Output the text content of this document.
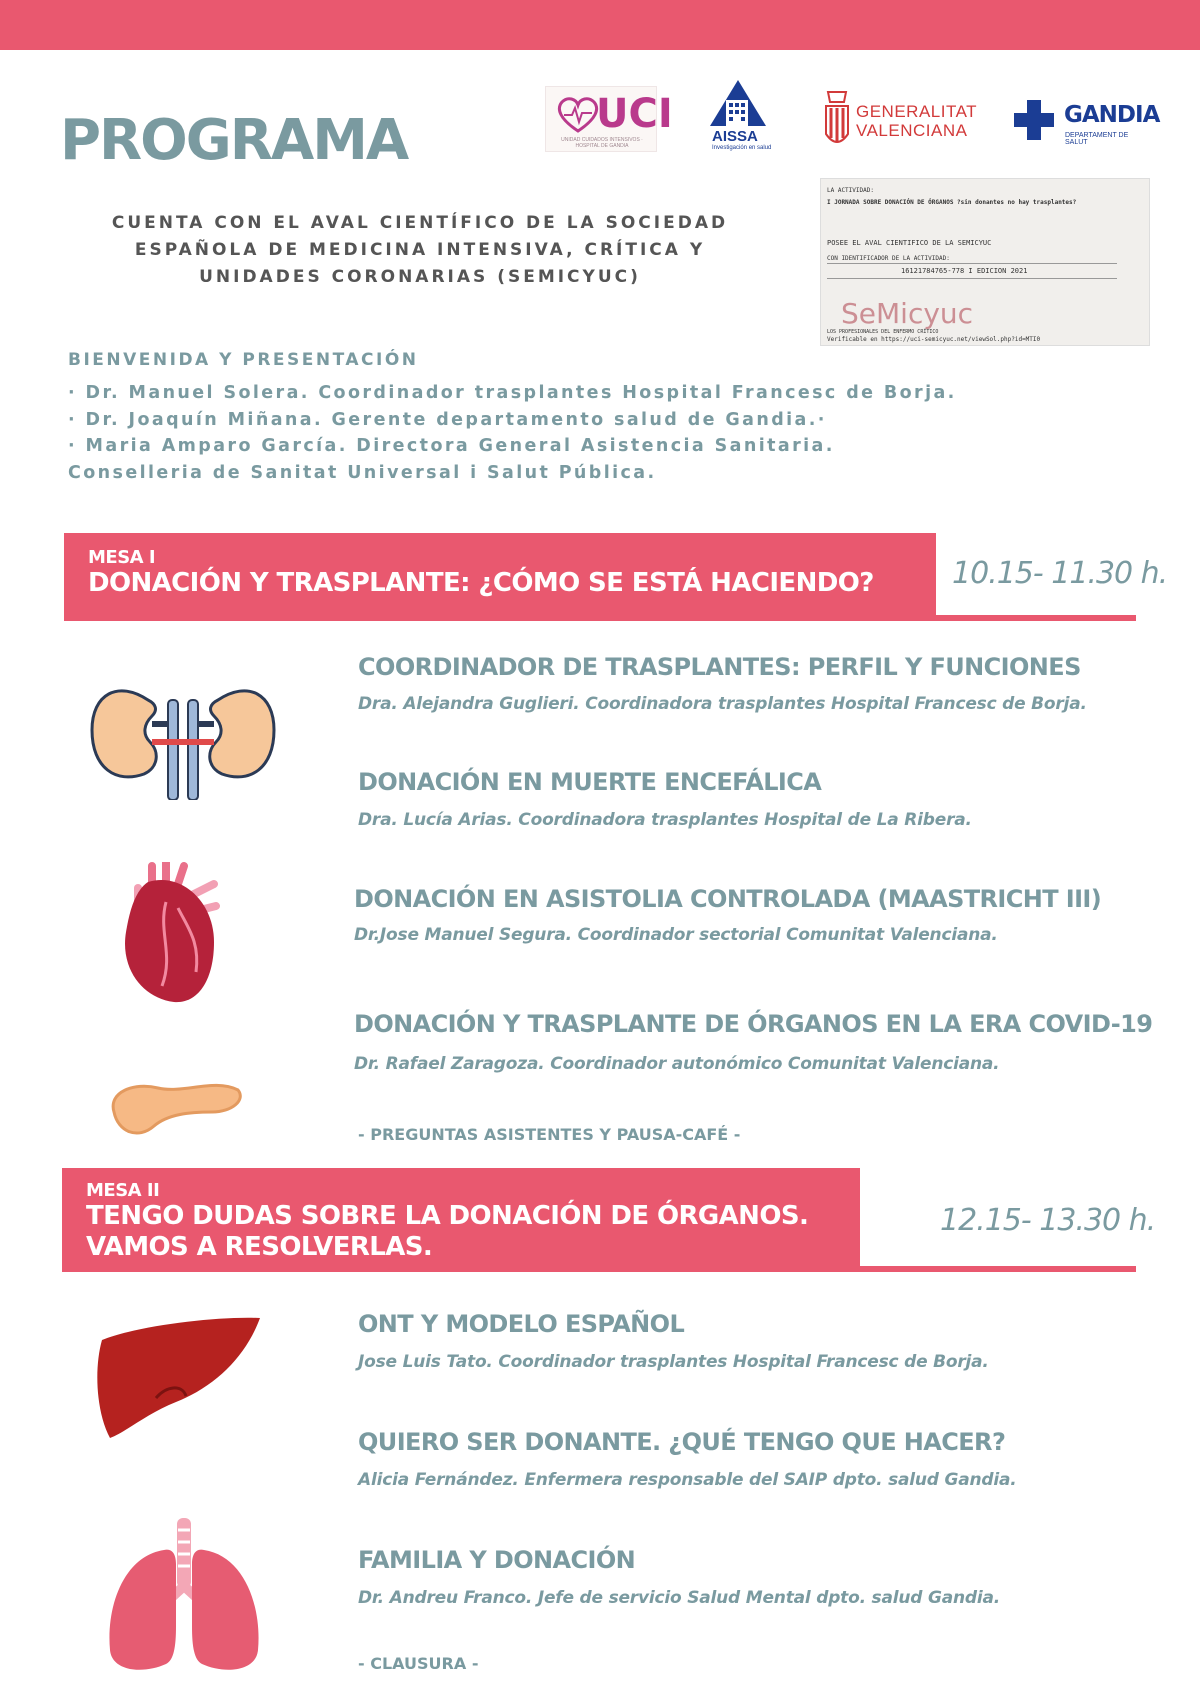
PROGRAMA
CUENTA CON EL AVAL CIENTÍFICO DE LA SOCIEDAD
ESPAÑOLA DE MEDICINA INTENSIVA, CRÍTICA Y
UNIDADES CORONARIAS (SEMICYUC)
UCI
UNIDAD CUIDADOS INTENSIVOS · HOSPITAL DE GANDIA
AISSA
Investigación en salud
GENERALITAT
VALENCIANA
GANDIA
DEPARTAMENT DE SALUT
LA ACTIVIDAD:
I JORNADA SOBRE DONACIÓN DE ÓRGANOS ?sin donantes no hay trasplantes?
POSEE EL AVAL CIENTIFICO DE LA SEMICYUC
CON IDENTIFICADOR DE LA ACTIVIDAD:
16121784765-778 I EDICION 2021
SeMicyuc
LOS PROFESIONALES DEL ENFERMO CRÍTICO
Verificable en https://uci-semicyuc.net/viewSol.php?id=MTI0
BIENVENIDA Y PRESENTACIÓN
· Dr. Manuel Solera. Coordinador trasplantes Hospital Francesc de Borja.
· Dr. Joaquín Miñana. Gerente departamento salud de Gandia.·
· Maria Amparo García. Directora General Asistencia Sanitaria.
Conselleria de Sanitat Universal i Salut Pública.
MESA I
DONACIÓN Y TRASPLANTE: ¿CÓMO SE ESTÁ HACIENDO?	10.15- 11.30 h.
COORDINADOR DE TRASPLANTES: PERFIL Y FUNCIONES
Dra. Alejandra Guglieri. Coordinadora trasplantes Hospital Francesc de Borja.
DONACIÓN EN MUERTE ENCEFÁLICA
Dra. Lucía Arias. Coordinadora trasplantes Hospital de La Ribera.
DONACIÓN EN ASISTOLIA CONTROLADA (MAASTRICHT III)
Dr.Jose Manuel Segura. Coordinador sectorial Comunitat Valenciana.
DONACIÓN Y TRASPLANTE DE ÓRGANOS EN LA ERA COVID-19
Dr. Rafael Zaragoza. Coordinador autonómico Comunitat Valenciana.
- PREGUNTAS ASISTENTES Y PAUSA-CAFÉ -
MESA II
TENGO DUDAS SOBRE LA DONACIÓN DE ÓRGANOS.
VAMOS A RESOLVERLAS.
12.15- 13.30 h.
ONT Y MODELO ESPAÑOL
Jose Luis Tato. Coordinador trasplantes Hospital Francesc de Borja.
QUIERO SER DONANTE. ¿QUÉ TENGO QUE HACER?
Alicia Fernández. Enfermera responsable del SAIP dpto. salud Gandia.
FAMILIA Y DONACIÓN
Dr. Andreu Franco. Jefe de servicio Salud Mental dpto. salud Gandia.
- CLAUSURA -
